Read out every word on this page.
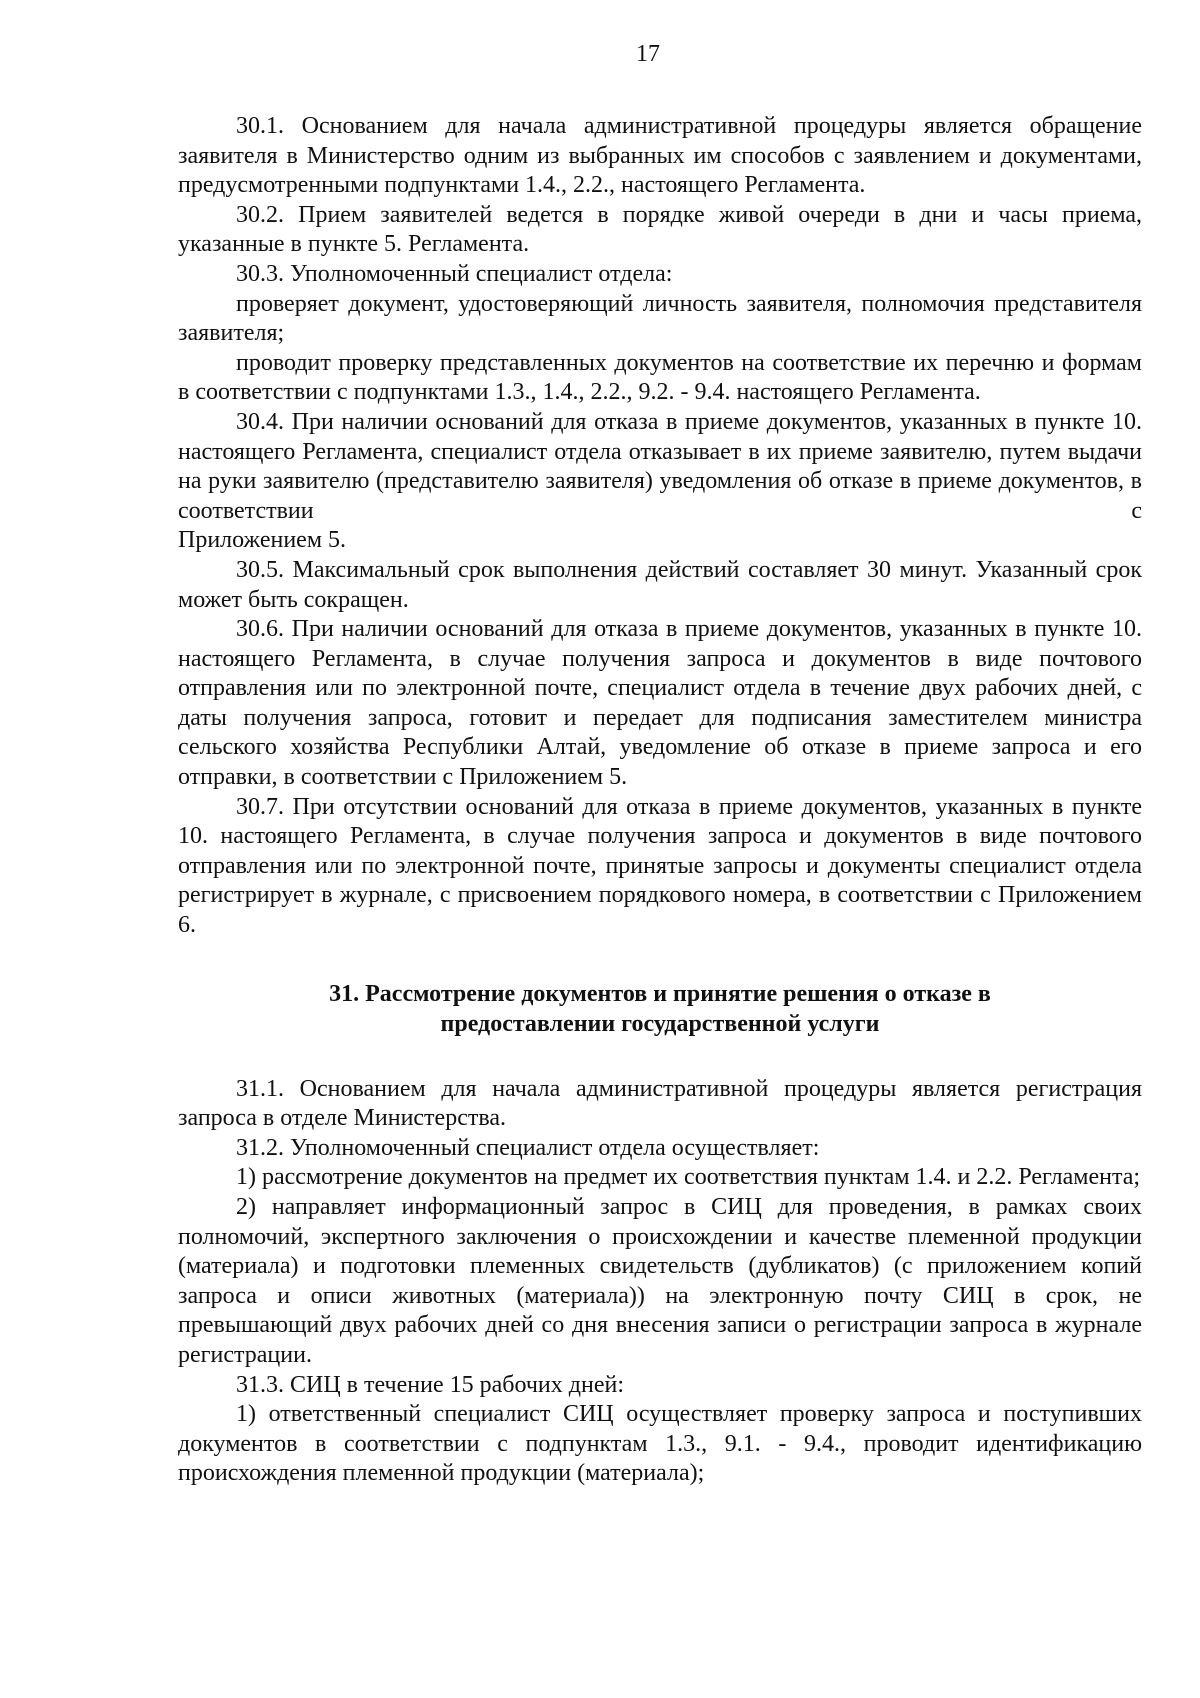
17

30.1. Основанием для начала административной процедуры является обращение заявителя в Министерство одним из выбранных им способов с заявлением и документами, предусмотренными подпунктами 1.4., 2.2., настоящего Регламента.

30.2. Прием заявителей ведется в порядке живой очереди в дни и часы приема, указанные в пункте 5. Регламента.

30.3. Уполномоченный специалист отдела:

проверяет документ, удостоверяющий личность заявителя, полномочия представителя заявителя;

проводит проверку представленных документов на соответствие их перечню и формам в соответствии с подпунктами 1.3., 1.4., 2.2., 9.2. - 9.4. настоящего Регламента.

30.4. При наличии оснований для отказа в приеме документов, указанных в пункте 10. настоящего Регламента, специалист отдела отказывает в их приеме заявителю, путем выдачи на руки заявителю (представителю заявителя) уведомления об отказе в приеме документов, в соответствии с

Приложением 5.

30.5. Максимальный срок выполнения действий составляет 30 минут. Указанный срок может быть сокращен.

30.6. При наличии оснований для отказа в приеме документов, указанных в пункте 10. настоящего Регламента, в случае получения запроса и документов в виде почтового отправления или по электронной почте, специалист отдела в течение двух рабочих дней, с даты получения запроса, готовит и передает для подписания заместителем министра сельского хозяйства Республики Алтай, уведомление об отказе в приеме запроса и его отправки, в соответствии с Приложением 5.

30.7. При отсутствии оснований для отказа в приеме документов, указанных в пункте 10. настоящего Регламента, в случае получения запроса и документов в виде почтового отправления или по электронной почте, принятые запросы и документы специалист отдела регистрирует в журнале, с присвоением порядкового номера, в соответствии с Приложением 6.

31. Рассмотрение документов и принятие решения о отказе в
предоставлении государственной услуги

31.1. Основанием для начала административной процедуры является регистрация запроса в отделе Министерства.

31.2. Уполномоченный специалист отдела осуществляет:

1) рассмотрение документов на предмет их соответствия пунктам 1.4. и 2.2. Регламента;

2) направляет информационный запрос в СИЦ для проведения, в рамках своих полномочий, экспертного заключения о происхождении и качестве племенной продукции (материала) и подготовки племенных свидетельств (дубликатов) (с приложением копий запроса и описи животных (материала)) на электронную почту СИЦ в срок, не превышающий двух рабочих дней со дня внесения записи о регистрации запроса в журнале регистрации.

31.3. СИЦ в течение 15 рабочих дней:

1) ответственный специалист СИЦ осуществляет проверку запроса и поступивших документов в соответствии с подпунктам 1.3., 9.1. - 9.4., проводит идентификацию происхождения племенной продукции (материала);
